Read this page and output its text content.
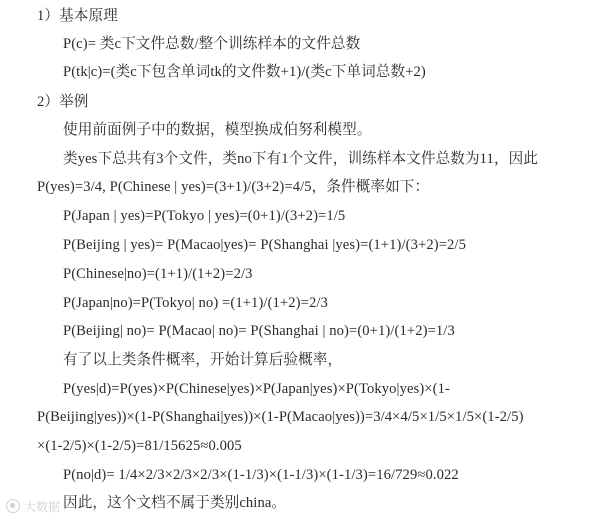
1）基本原理
P(c)= 类c下文件总数/整个训练样本的文件总数
P(tk|c)=(类c下包含单词tk的文件数+1)/(类c下单词总数+2)
2）举例
使用前面例子中的数据，模型换成伯努利模型。
类yes下总共有3个文件，类no下有1个文件，训练样本文件总数为11，因此
P(yes)=3/4, P(Chinese | yes)=(3+1)/(3+2)=4/5，条件概率如下：
P(Japan | yes)=P(Tokyo | yes)=(0+1)/(3+2)=1/5
P(Beijing | yes)= P(Macao|yes)= P(Shanghai |yes)=(1+1)/(3+2)=2/5
P(Chinese|no)=(1+1)/(1+2)=2/3
P(Japan|no)=P(Tokyo| no) =(1+1)/(1+2)=2/3
P(Beijing| no)= P(Macao| no)= P(Shanghai | no)=(0+1)/(1+2)=1/3
有了以上类条件概率，开始计算后验概率，
P(yes|d)=P(yes)×P(Chinese|yes)×P(Japan|yes)×P(Tokyo|yes)×(1-
P(Beijing|yes))×(1-P(Shanghai|yes))×(1-P(Macao|yes))=3/4×4/5×1/5×1/5×(1-2/5)
×(1-2/5)×(1-2/5)=81/15625≈0.005
P(no|d)= 1/4×2/3×2/3×2/3×(1-1/3)×(1-1/3)×(1-1/3)=16/729≈0.022
因此，这个文档不属于类别china。
大数据
